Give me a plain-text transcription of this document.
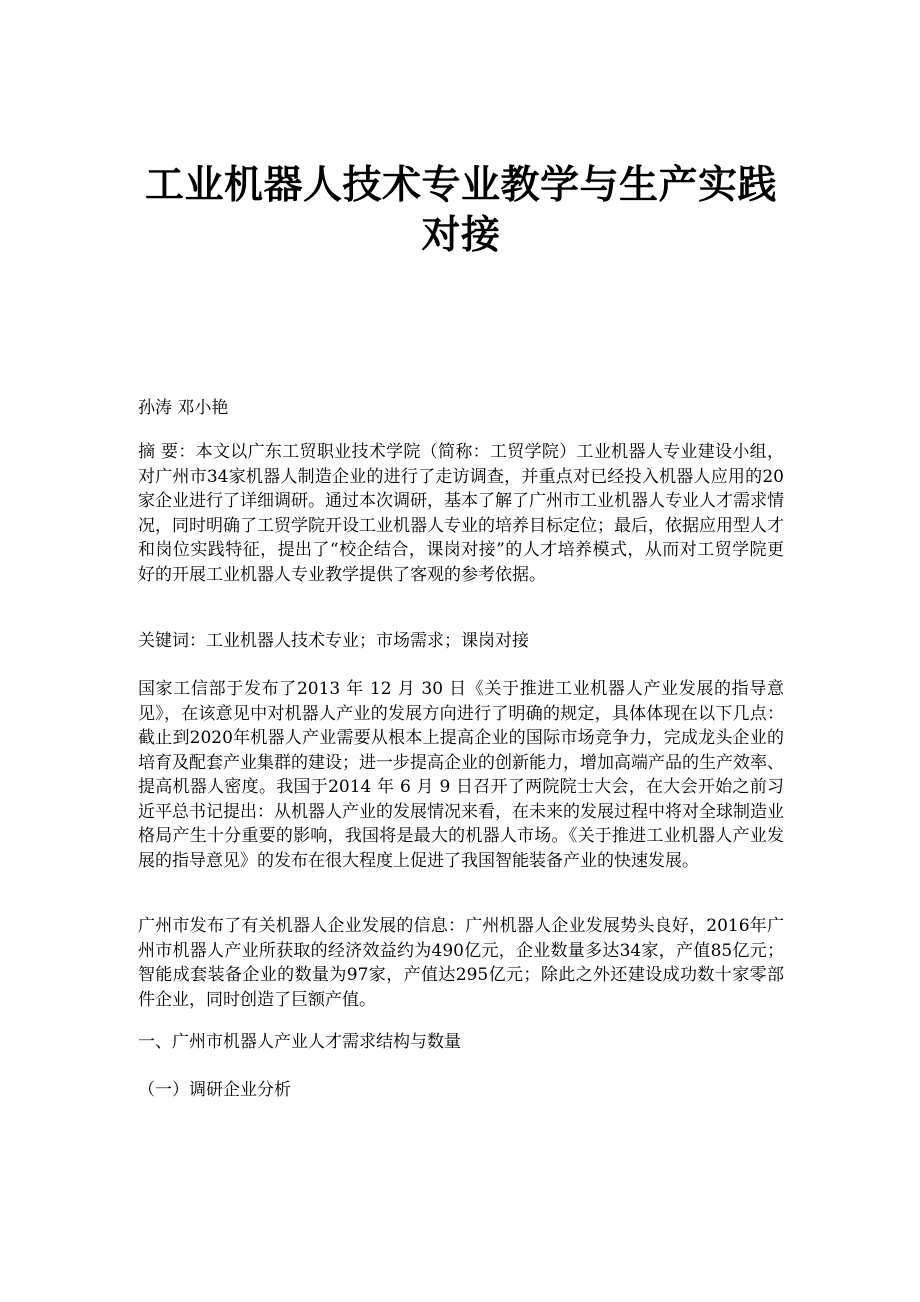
工业机器人技术专业教学与生产实践对接

孙涛 邓小艳

摘 要：本文以广东工贸职业技术学院（简称：工贸学院）工业机器人专业建设小组，对广州市34家机器人制造企业的进行了走访调查，并重点对已经投入机器人应用的20家企业进行了详细调研。通过本次调研，基本了解了广州市工业机器人专业人才需求情况，同时明确了工贸学院开设工业机器人专业的培养目标定位；最后，依据应用型人才和岗位实践特征，提出了“校企结合，课岗对接”的人才培养模式，从而对工贸学院更好的开展工业机器人专业教学提供了客观的参考依据。

关键词：工业机器人技术专业；市场需求；课岗对接

国家工信部于发布了2013 年 12 月 30 日《关于推进工业机器人产业发展的指导意见》，在该意见中对机器人产业的发展方向进行了明确的规定，具体体现在以下几点：截止到2020年机器人产业需要从根本上提高企业的国际市场竞争力，完成龙头企业的培育及配套产业集群的建设；进一步提高企业的创新能力，增加高端产品的生产效率、提高机器人密度。我国于2014 年 6 月 9 日召开了两院院士大会，在大会开始之前习近平总书记提出：从机器人产业的发展情况来看，在未来的发展过程中将对全球制造业格局产生十分重要的影响，我国将是最大的机器人市场。《关于推进工业机器人产业发展的指导意见》的发布在很大程度上促进了我国智能装备产业的快速发展。

广州市发布了有关机器人企业发展的信息：广州机器人企业发展势头良好，2016年广州市机器人产业所获取的经济效益约为490亿元，企业数量多达34家，产值85亿元；智能成套装备企业的数量为97家，产值达295亿元；除此之外还建设成功数十家零部件企业，同时创造了巨额产值。

一、广州市机器人产业人才需求结构与数量

（一）调研企业分析
